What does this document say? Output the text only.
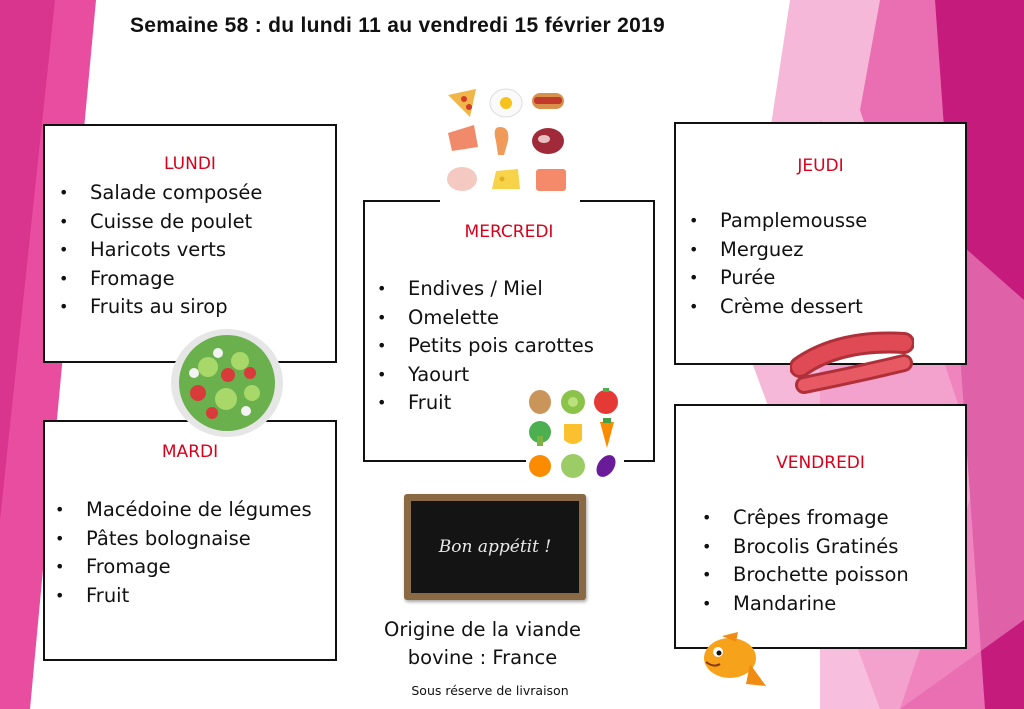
Semaine 58 : du lundi 11 au vendredi 15 février 2019
LUNDI
• Salade composée
• Cuisse de poulet
• Haricots verts
• Fromage
• Fruits au sirop
MARDI
• Macédoine de légumes
• Pâtes bolognaise
• Fromage
• Fruit
MERCREDI
• Endives / Miel
• Omelette
• Petits pois carottes
• Yaourt
• Fruit
JEUDI
• Pamplemousse
• Merguez
• Purée
• Crème dessert
VENDREDI
• Crêpes fromage
• Brocolis Gratinés
• Brochette poisson
• Mandarine
Bon appétit !
Origine de la viande bovine : France
Sous réserve de livraison
